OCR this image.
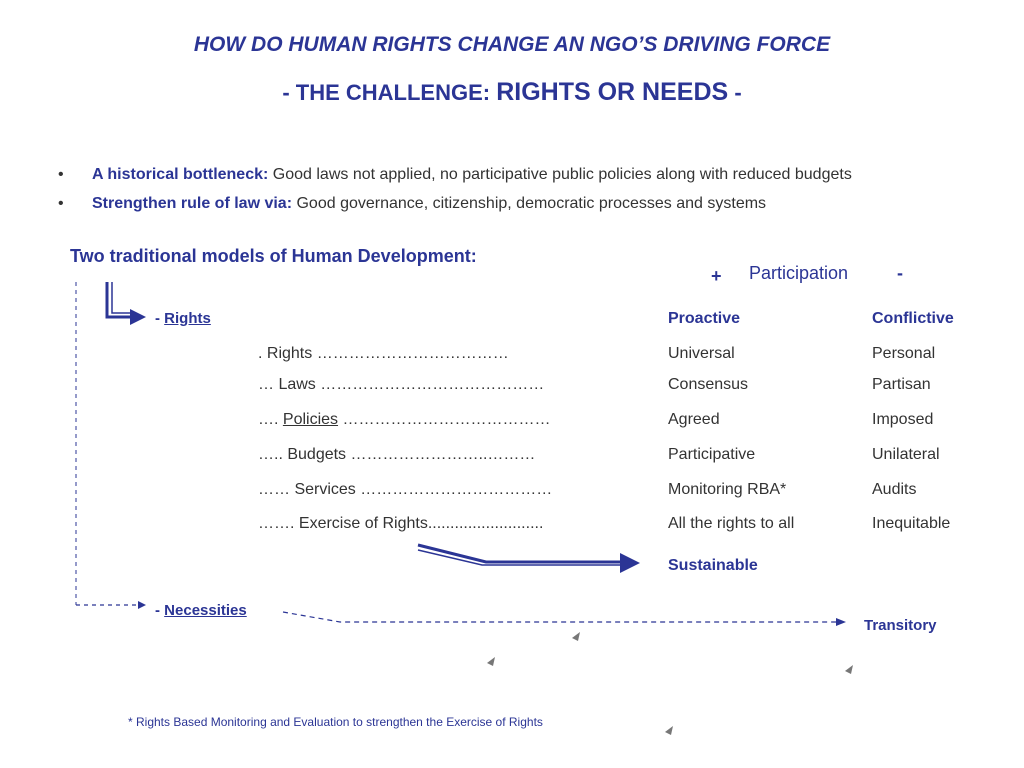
HOW DO HUMAN RIGHTS CHANGE AN NGO’S DRIVING FORCE
- THE CHALLENGE: RIGHTS OR NEEDS -
• A historical bottleneck: Good laws not applied, no participative public policies along with reduced budgets
• Strengthen rule of law via: Good governance, citizenship, democratic processes and systems
Two traditional models of Human Development:
+ Participation	-
- Rights
- Necessities
Proactive	Conflictive
. Rights ………………………………	Universal	Personal
… Laws ……………………………………	Consensus	Partisan
…. Policies …………………………………	Agreed	Imposed
….. Budgets ……………………..………	Participative	Unilateral
…… Services ………………………………	Monitoring RBA*	Audits
……. Exercise of Rights..........................	All the rights to all	Inequitable
Sustainable
Transitory
* Rights Based Monitoring and Evaluation to strengthen the Exercise of Rights
